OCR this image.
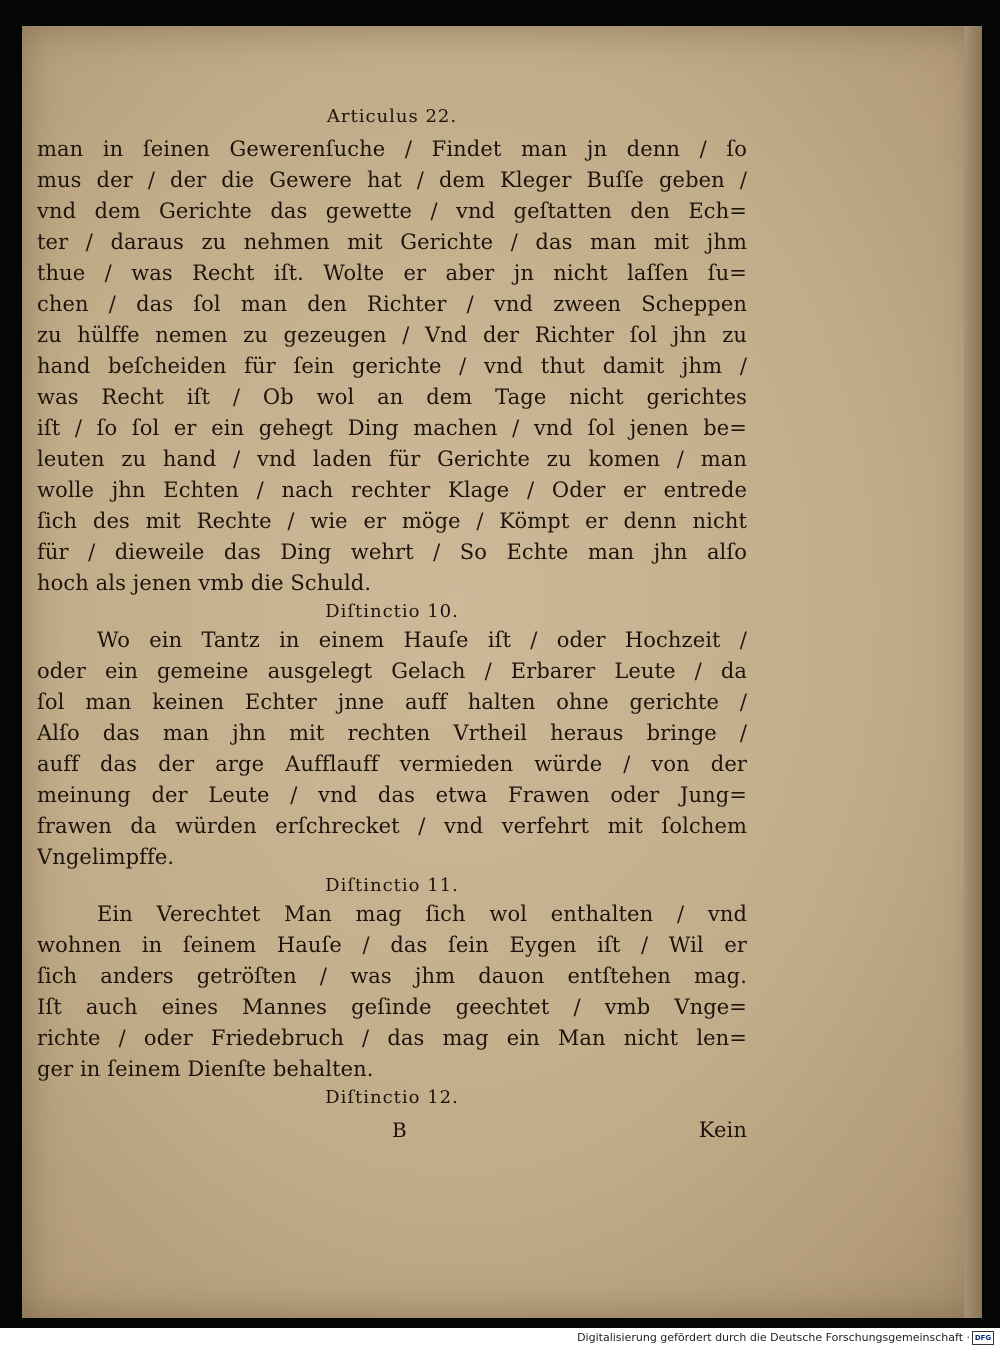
Articulus 22.
man in ſeinen Gewerenſuche / Findet man jn denn / ſo
mus der / der die Gewere hat / dem Kleger Buſſe geben /
vnd dem Gerichte das gewette / vnd geſtatten den Ech=
ter / daraus zu nehmen mit Gerichte / das man mit jhm
thue / was Recht iſt. Wolte er aber jn nicht laſſen ſu=
chen / das ſol man den Richter / vnd zween Scheppen
zu hülffe nemen zu gezeugen / Vnd der Richter ſol jhn zu
hand beſcheiden für ſein gerichte / vnd thut damit jhm /
was Recht iſt / Ob wol an dem Tage nicht gerichtes
iſt / ſo ſol er ein gehegt Ding machen / vnd ſol jenen be=
leuten zu hand / vnd laden für Gerichte zu komen / man
wolle jhn Echten / nach rechter Klage / Oder er entrede
ſich des mit Rechte / wie er möge / Kömpt er denn nicht
für / dieweile das Ding wehrt / So Echte man jhn alſo
hoch als jenen vmb die Schuld.
Diſtinctio 10.
Wo ein Tantz in einem Hauſe iſt / oder Hochzeit /
oder ein gemeine ausgelegt Gelach / Erbarer Leute / da
ſol man keinen Echter jnne auff halten ohne gerichte /
Alſo das man jhn mit rechten Vrtheil heraus bringe /
auff das der arge Aufflauff vermieden würde / von der
meinung der Leute / vnd das etwa Frawen oder Jung=
frawen da würden erſchrecket / vnd verfehrt mit ſolchem
Vngelimpffe.
Diſtinctio 11.
Ein Verechtet Man mag ſich wol enthalten / vnd
wohnen in ſeinem Hauſe / das ſein Eygen iſt / Wil er
ſich anders getröſten / was jhm dauon entſtehen mag.
Iſt auch eines Mannes geſinde geechtet / vmb Vnge=
richte / oder Friedebruch / das mag ein Man nicht len=
ger in ſeinem Dienſte behalten.
Diſtinctio 12.
B	Kein
Digitalisierung gefördert durch die Deutsche Forschungsgemeinschaft · DFG
